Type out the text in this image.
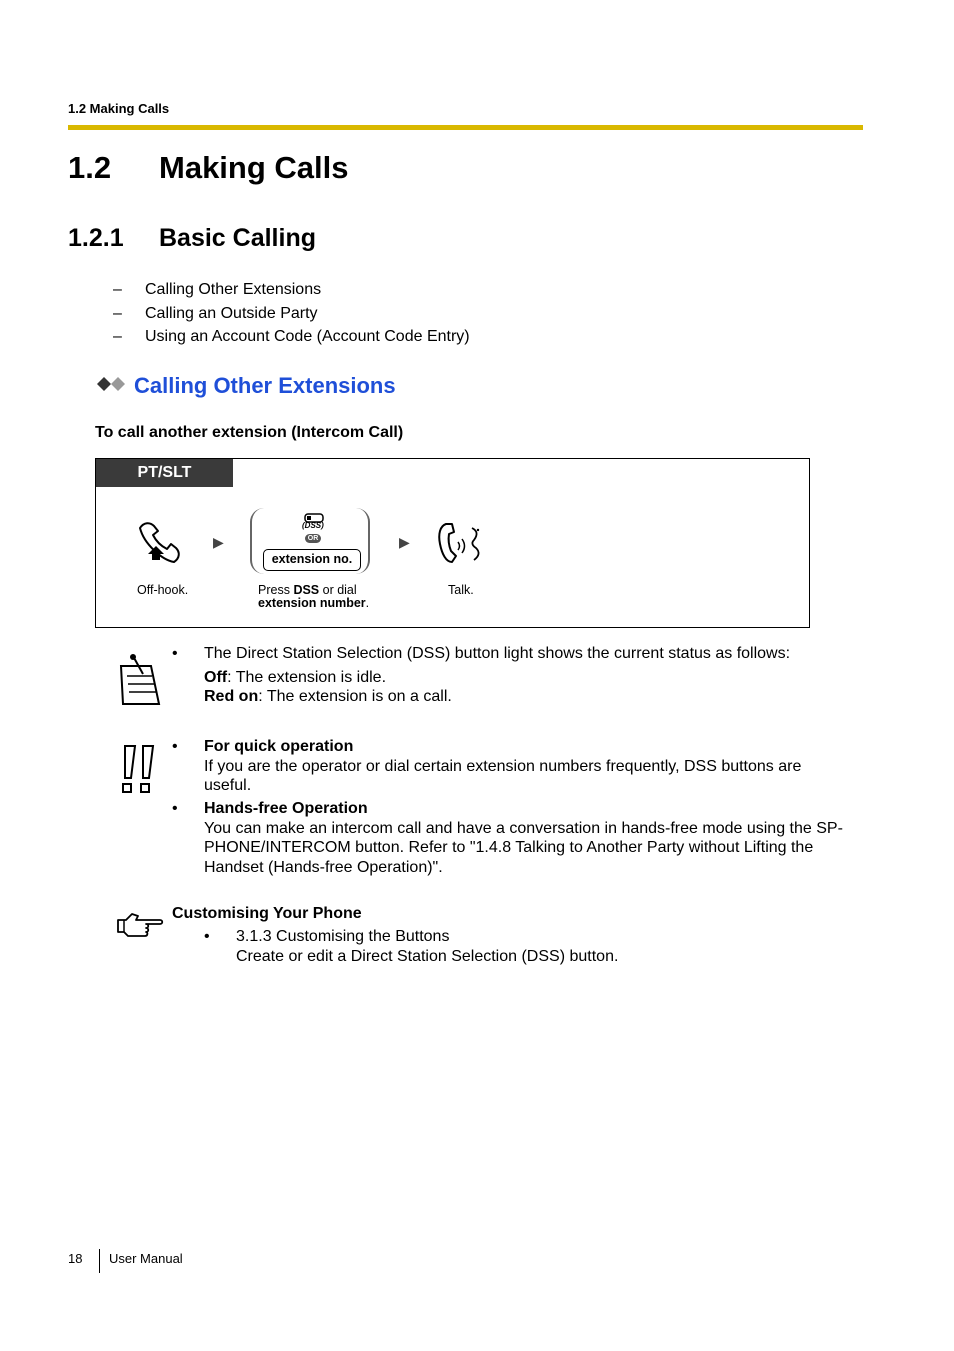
1.2 Making Calls
1.2 Making Calls
1.2.1 Basic Calling
– Calling Other Extensions
– Calling an Outside Party
– Using an Account Code (Account Code Entry)
Calling Other Extensions
To call another extension (Intercom Call)
PT/SLT
Off-hook.
▶
(DSS)
OR
extension no.
Press DSS or dial
extension number.
▶
Talk.
• The Direct Station Selection (DSS) button light shows the current status as follows:
Off: The extension is idle.
Red on: The extension is on a call.
• For quick operation
If you are the operator or dial certain extension numbers frequently, DSS buttons are
useful.
• Hands-free Operation
You can make an intercom call and have a conversation in hands-free mode using the SP-
PHONE/INTERCOM button. Refer to "1.4.8 Talking to Another Party without Lifting the
Handset (Hands-free Operation)".
Customising Your Phone
• 3.1.3 Customising the Buttons
Create or edit a Direct Station Selection (DSS) button.
18 User Manual
